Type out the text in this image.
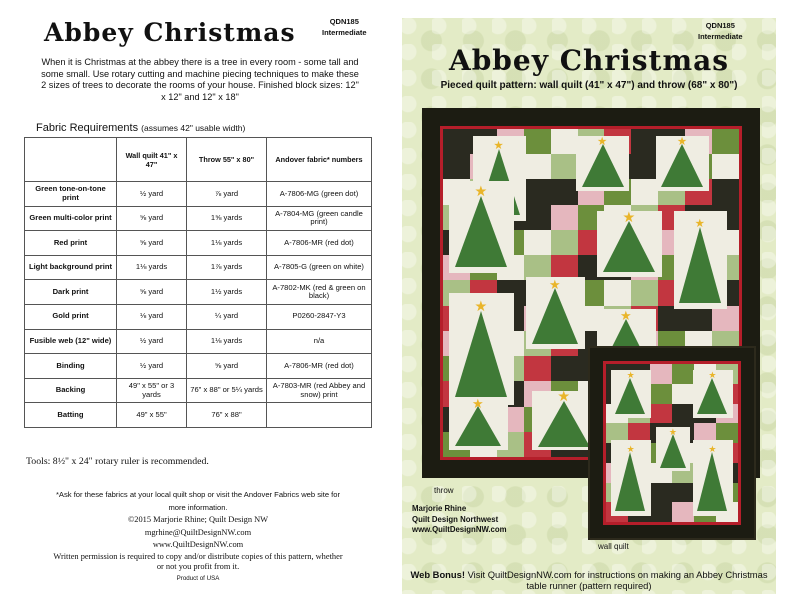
Abbey Christmas	QDN185
Intermediate
When it is Christmas at the abbey there is a tree in every room - some tall and some small. Use rotary cutting and machine piecing techniques to make these 2 sizes of trees to decorate the rooms of your house. Finished block sizes: 12" x 12" and 12" x 18"
Fabric Requirements (assumes 42" usable width)
	Wall quilt 41" x 47"	Throw 55" x 80"	Andover fabric* numbers
Green tone-on-tone print	½ yard	⅞ yard	A-7806-MG (green dot)
Green multi-color print	⅝ yard	1⅝ yards	A-7804-MG (green candle print)
Red print	⅝ yard	1⅛ yards	A-7806-MR (red dot)
Light background print	1⅛ yards	1⅞ yards	A-7805-G (green on white)
Dark print	⅝ yard	1½ yards	A-7802-MK (red & green on black)
Gold print	⅛ yard	¼ yard	P0260-2847-Y3
Fusible web (12" wide)	½ yard	1⅛ yards	n/a
Binding	½ yard	⅝ yard	A-7806-MR (red dot)
Backing	49" x 55" or 3 yards	76" x 88" or 5¼ yards	A-7803-MR (red Abbey and snow) print
Batting	49" x 55"	76" x 88"	
Tools: 8½" x 24" rotary ruler is recommended.
*Ask for these fabrics at your local quilt shop or visit the Andover Fabrics web site for more information.
©2015 Marjorie Rhine; Quilt Design NW
mgrhine@QuiltDesignNW.com
www.QuiltDesignNW.com
Written permission is required to copy and/or distribute copies of this pattern, whether or not you profit from it.
Product of USA
QDN185
Intermediate
Abbey Christmas
Pieced quilt pattern: wall quilt (41" x 47") and throw (68" x 80")
★	★	★
★
★	★
★
★
★
★	★
★	★
★
★
★
throw
Marjorie Rhine
Quilt Design Northwest
www.QuiltDesignNW.com
wall quilt
Web Bonus! Visit QuiltDesignNW.com for instructions on making an Abbey Christmas table runner (pattern required)
